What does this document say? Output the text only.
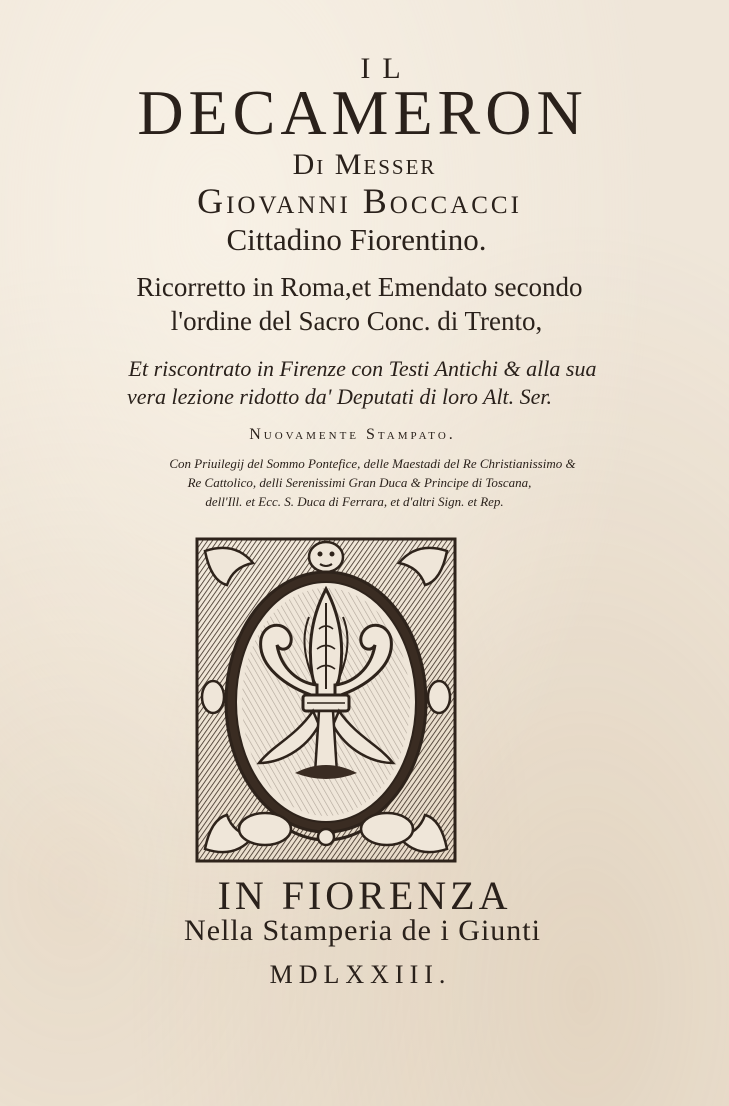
IL

DECAMERON

Di Messer

Giovanni Boccacci

Cittadino Fiorentino.

Ricorretto in Roma,et Emendato secondo

l'ordine del Sacro Conc. di Trento,

Et riscontrato in Firenze con Testi Antichi & alla sua

vera lezione ridotto da' Deputati di loro Alt. Ser.

Nuovamente Stampato.

Con Priuilegij del Sommo Pontefice, delle Maestadi del Re Christianissimo &

Re Cattolico, delli Serenissimi Gran Duca & Principe di Toscana,

dell'Ill. et Ecc. S. Duca di Ferrara, et d'altri Sign. et Rep.

IN FIORENZA

Nella Stamperia de i Giunti

MDLXXIII.
